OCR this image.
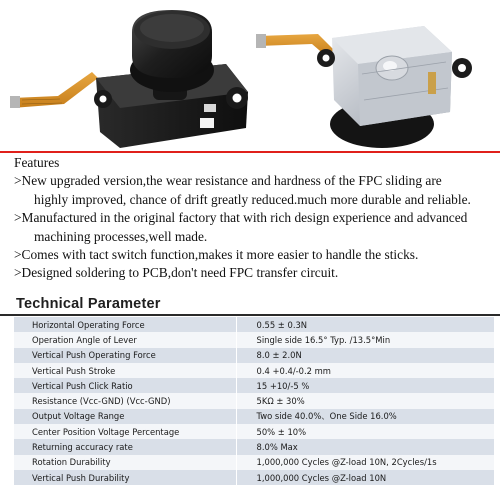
Features
>New upgraded version,the wear resistance and hardness of the FPC sliding are
highly improved, chance of drift greatly reduced.much more durable and reliable.
>Manufactured in the original factory that with rich design experience and advanced
machining processes,well made.
>Comes with tact switch function,makes it more easier to handle the sticks.
>Designed soldering to PCB,don't need FPC transfer circuit.
Technical Parameter
Horizontal Operating Force	0.55 ± 0.3N
Operation Angle of Lever	Single side 16.5° Typ. /13.5°Min
Vertical Push Operating Force	8.0 ± 2.0N
Vertical Push Stroke	0.4 +0.4/-0.2 mm
Vertical Push Click Ratio	15 +10/-5 %
Resistance (Vcc-GND) (Vcc-GND)	5KΩ ± 30%
Output Voltage Range	Two side 40.0%、One Side 16.0%
Center Position Voltage Percentage	50% ± 10%
Returning accuracy rate	8.0% Max
Rotation Durability	1,000,000 Cycles @Z-load 10N, 2Cycles/1s
Vertical Push Durability	1,000,000 Cycles @Z-load 10N
